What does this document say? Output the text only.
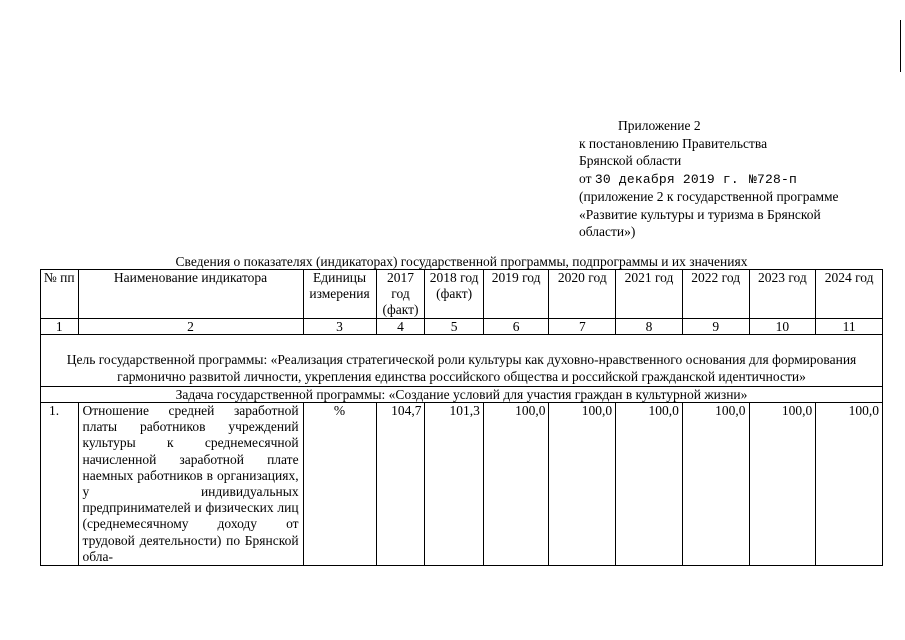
Приложение 2
к постановлению Правительства
Брянской области
от 30 декабря 2019 г. №728-п
(приложение 2 к государственной программе
«Развитие культуры и туризма в Брянской
области»)
Сведения о показателях (индикаторах) государственной программы, подпрограммы и их значениях
№ пп	Наименование индикатора	Единицы измерения	2017 год (факт)	2018 год (факт)	2019 год	2020 год	2021 год	2022 год	2023 год	2024 год
1	2	3	4	5	6	7	8	9	10	11
Цель государственной программы: «Реализация стратегической роли культуры как духовно-нравственного основания для формирования гармонично развитой личности, укрепления единства российского общества и российской гражданской идентичности»										
Задача государственной программы: «Создание условий для участия граждан в культурной жизни»										
1.	Отношение средней заработной платы работников учреждений культуры к среднемесячной начисленной заработной плате наемных работников в организациях, у индивидуальных предпринимателей и физических лиц (среднемесячному доходу от трудовой деятельности) по Брянской обла-	%	104,7	101,3	100,0	100,0	100,0	100,0	100,0	100,0
